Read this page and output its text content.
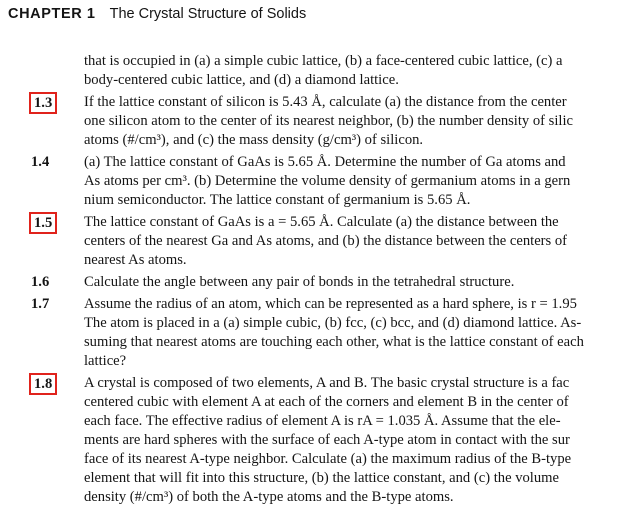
CHAPTER 1 The Crystal Structure of Solids
that is occupied in (a) a simple cubic lattice, (b) a face-centered cubic lattice, (c) a
body-centered cubic lattice, and (d) a diamond lattice.
1.3	If the lattice constant of silicon is 5.43 Å, calculate (a) the distance from the center
one silicon atom to the center of its nearest neighbor, (b) the number density of silic
atoms (#/cm³), and (c) the mass density (g/cm³) of silicon.
1.4 (a) The lattice constant of GaAs is 5.65 Å. Determine the number of Ga atoms and
As atoms per cm³. (b) Determine the volume density of germanium atoms in a gern
nium semiconductor. The lattice constant of germanium is 5.65 Å.
1.5	The lattice constant of GaAs is a = 5.65 Å. Calculate (a) the distance between the
centers of the nearest Ga and As atoms, and (b) the distance between the centers of
nearest As atoms.
1.6 Calculate the angle between any pair of bonds in the tetrahedral structure.
1.7 Assume the radius of an atom, which can be represented as a hard sphere, is r = 1.95
The atom is placed in a (a) simple cubic, (b) fcc, (c) bcc, and (d) diamond lattice. As-
suming that nearest atoms are touching each other, what is the lattice constant of each
lattice?
1.8	A crystal is composed of two elements, A and B. The basic crystal structure is a fac
centered cubic with element A at each of the corners and element B in the center of
each face. The effective radius of element A is rA = 1.035 Å. Assume that the ele-
ments are hard spheres with the surface of each A-type atom in contact with the sur
face of its nearest A-type neighbor. Calculate (a) the maximum radius of the B-type
element that will fit into this structure, (b) the lattice constant, and (c) the volume
density (#/cm³) of both the A-type atoms and the B-type atoms.
